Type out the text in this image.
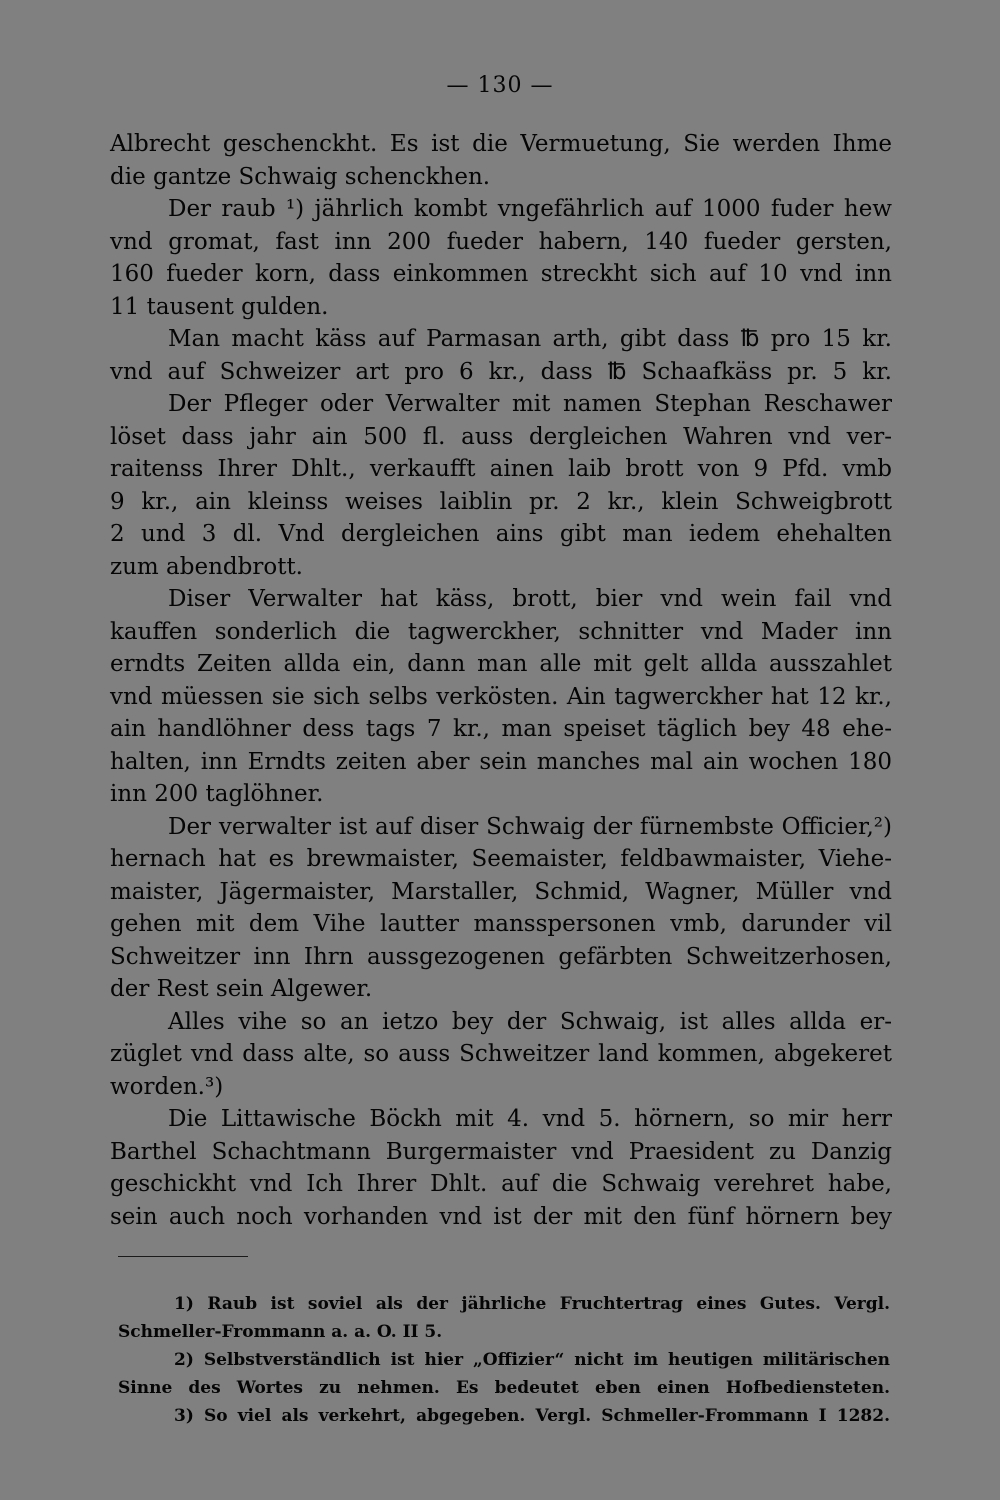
— 130 —
Albrecht geschenckht. Es ist die Vermuetung, Sie werden Ihme
die gantze Schwaig schenckhen.
Der raub ¹) jährlich kombt vngefährlich auf 1000 fuder hew
vnd gromat, fast inn 200 fueder habern, 140 fueder gersten,
160 fueder korn, dass einkommen streckht sich auf 10 vnd inn
11 tausent gulden.
Man macht käss auf Parmasan arth, gibt dass ℔ pro 15 kr.
vnd auf Schweizer art pro 6 kr., dass ℔ Schaafkäss pr. 5 kr.
Der Pfleger oder Verwalter mit namen Stephan Reschawer
löset dass jahr ain 500 fl. auss dergleichen Wahren vnd ver-
raitenss Ihrer Dhlt., verkaufft ainen laib brott von 9 Pfd. vmb
9 kr., ain kleinss weises laiblin pr. 2 kr., klein Schweigbrott
2 und 3 dl. Vnd dergleichen ains gibt man iedem ehehalten
zum abendbrott.
Diser Verwalter hat käss, brott, bier vnd wein fail vnd
kauffen sonderlich die tagwerckher, schnitter vnd Mader inn
erndts Zeiten allda ein, dann man alle mit gelt allda ausszahlet
vnd müessen sie sich selbs verkösten. Ain tagwerckher hat 12 kr.,
ain handlöhner dess tags 7 kr., man speiset täglich bey 48 ehe-
halten, inn Erndts zeiten aber sein manches mal ain wochen 180
inn 200 taglöhner.
Der verwalter ist auf diser Schwaig der fürnembste Officier,²)
hernach hat es brewmaister, Seemaister, feldbawmaister, Viehe-
maister, Jägermaister, Marstaller, Schmid, Wagner, Müller vnd
gehen mit dem Vihe lautter mansspersonen vmb, darunder vil
Schweitzer inn Ihrn aussgezogenen gefärbten Schweitzerhosen,
der Rest sein Algewer.
Alles vihe so an ietzo bey der Schwaig, ist alles allda er-
züglet vnd dass alte, so auss Schweitzer land kommen, abgekeret
worden.³)
Die Littawische Böckh mit 4. vnd 5. hörnern, so mir herr
Barthel Schachtmann Burgermaister vnd Praesident zu Danzig
geschickht vnd Ich Ihrer Dhlt. auf die Schwaig verehret habe,
sein auch noch vorhanden vnd ist der mit den fünf hörnern bey
1) Raub ist soviel als der jährliche Fruchtertrag eines Gutes. Vergl.
Schmeller-Frommann a. a. O. II 5.
2) Selbstverständlich ist hier „Offizier“ nicht im heutigen militärischen
Sinne des Wortes zu nehmen. Es bedeutet eben einen Hofbediensteten.
3) So viel als verkehrt, abgegeben. Vergl. Schmeller-Frommann I 1282.
